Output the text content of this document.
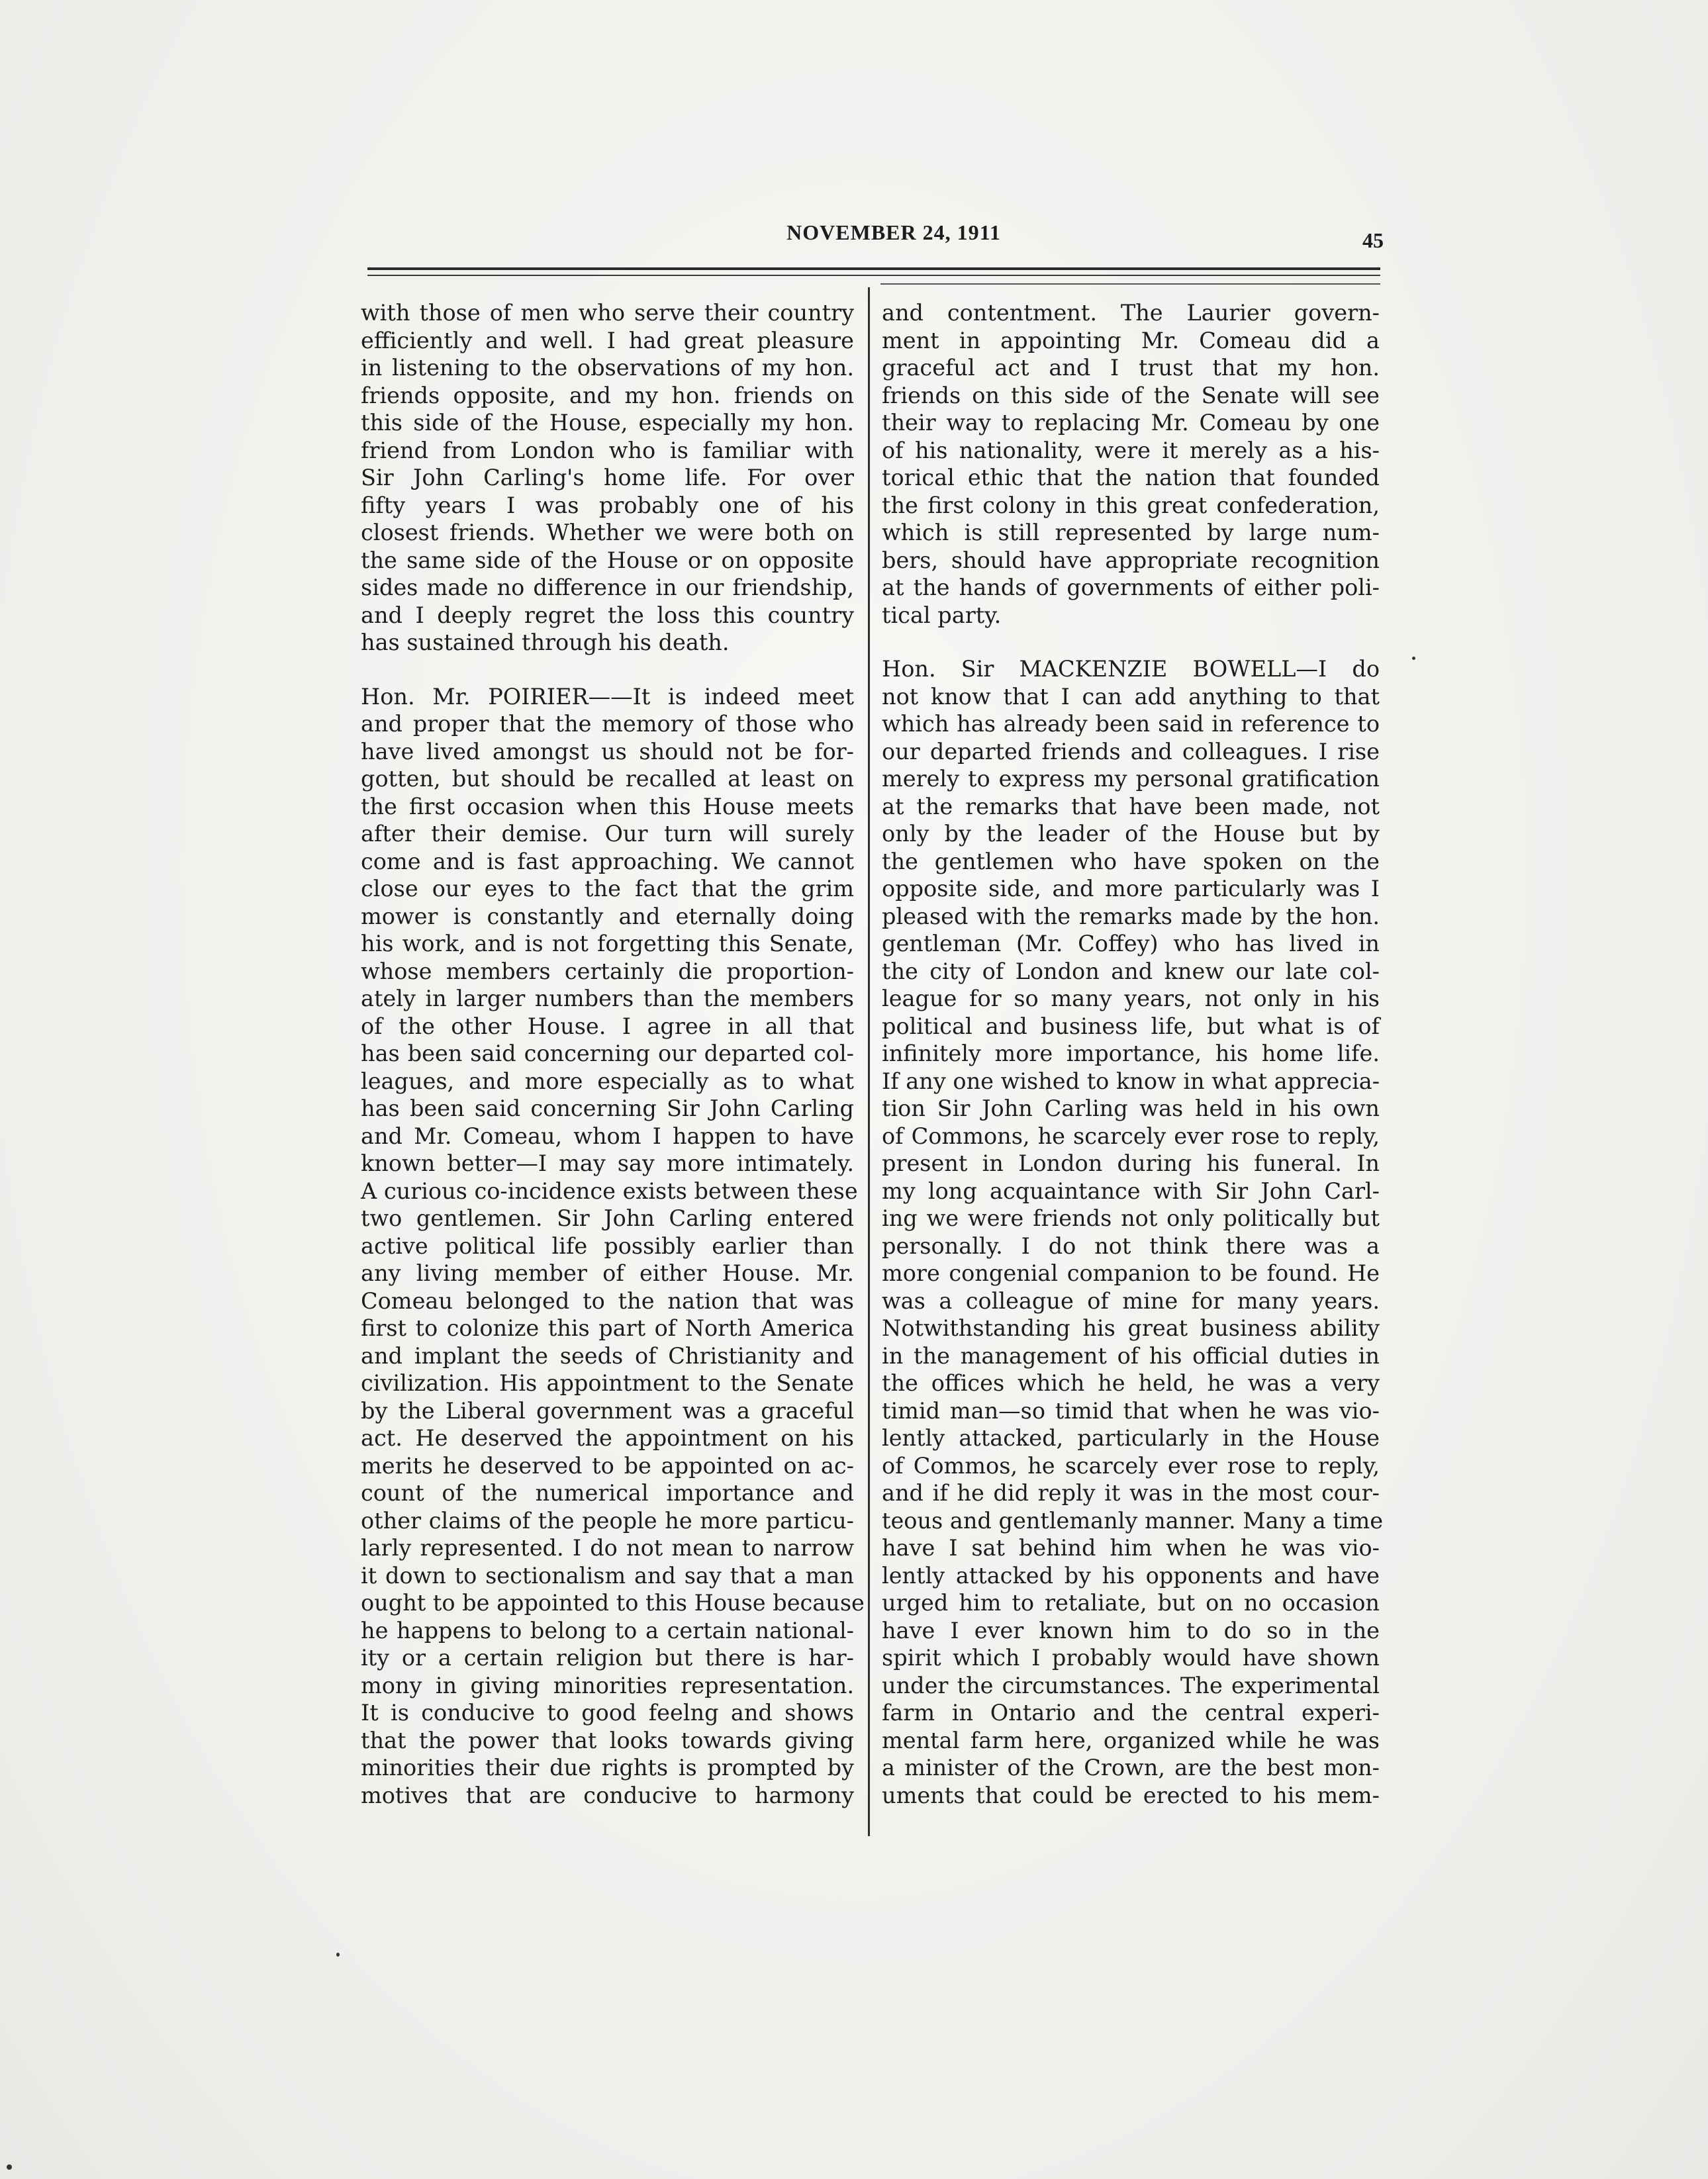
NOVEMBER 24, 1911	45
with those of men who serve their country
efficiently and well. I had great pleasure
in listening to the observations of my hon.
friends opposite, and my hon. friends on
this side of the House, especially my hon.
friend from London who is familiar with
Sir John Carling's home life. For over
fifty years I was probably one of his
closest friends. Whether we were both on
the same side of the House or on opposite
sides made no difference in our friendship,
and I deeply regret the loss this country
has sustained through his death.
Hon. Mr. POIRIER——It is indeed meet
and proper that the memory of those who
have lived amongst us should not be for-
gotten, but should be recalled at least on
the first occasion when this House meets
after their demise. Our turn will surely
come and is fast approaching. We cannot
close our eyes to the fact that the grim
mower is constantly and eternally doing
his work, and is not forgetting this Senate,
whose members certainly die proportion-
ately in larger numbers than the members
of the other House. I agree in all that
has been said concerning our departed col-
leagues, and more especially as to what
has been said concerning Sir John Carling
and Mr. Comeau, whom I happen to have
known better—I may say more intimately.
A curious co-incidence exists between these
two gentlemen. Sir John Carling entered
active political life possibly earlier than
any living member of either House. Mr.
Comeau belonged to the nation that was
first to colonize this part of North America
and implant the seeds of Christianity and
civilization. His appointment to the Senate
by the Liberal government was a graceful
act. He deserved the appointment on his
merits he deserved to be appointed on ac-
count of the numerical importance and
other claims of the people he more particu-
larly represented. I do not mean to narrow
it down to sectionalism and say that a man
ought to be appointed to this House because
he happens to belong to a certain national-
ity or a certain religion but there is har-
mony in giving minorities representation.
It is conducive to good feelng and shows
that the power that looks towards giving
minorities their due rights is prompted by
motives that are conducive to harmony
and contentment. The Laurier govern-
ment in appointing Mr. Comeau did a
graceful act and I trust that my hon.
friends on this side of the Senate will see
their way to replacing Mr. Comeau by one
of his nationality, were it merely as a his-
torical ethic that the nation that founded
the first colony in this great confederation,
which is still represented by large num-
bers, should have appropriate recognition
at the hands of governments of either poli-
tical party.
Hon. Sir MACKENZIE BOWELL—I do
not know that I can add anything to that
which has already been said in reference to
our departed friends and colleagues. I rise
merely to express my personal gratification
at the remarks that have been made, not
only by the leader of the House but by
the gentlemen who have spoken on the
opposite side, and more particularly was I
pleased with the remarks made by the hon.
gentleman (Mr. Coffey) who has lived in
the city of London and knew our late col-
league for so many years, not only in his
political and business life, but what is of
infinitely more importance, his home life.
If any one wished to know in what apprecia-
tion Sir John Carling was held in his own
of Commons, he scarcely ever rose to reply,
present in London during his funeral. In
my long acquaintance with Sir John Carl-
ing we were friends not only politically but
personally. I do not think there was a
more congenial companion to be found. He
was a colleague of mine for many years.
Notwithstanding his great business ability
in the management of his official duties in
the offices which he held, he was a very
timid man—so timid that when he was vio-
lently attacked, particularly in the House
of Commos, he scarcely ever rose to reply,
and if he did reply it was in the most cour-
teous and gentlemanly manner. Many a time
have I sat behind him when he was vio-
lently attacked by his opponents and have
urged him to retaliate, but on no occasion
have I ever known him to do so in the
spirit which I probably would have shown
under the circumstances. The experimental
farm in Ontario and the central experi-
mental farm here, organized while he was
a minister of the Crown, are the best mon-
uments that could be erected to his mem-
